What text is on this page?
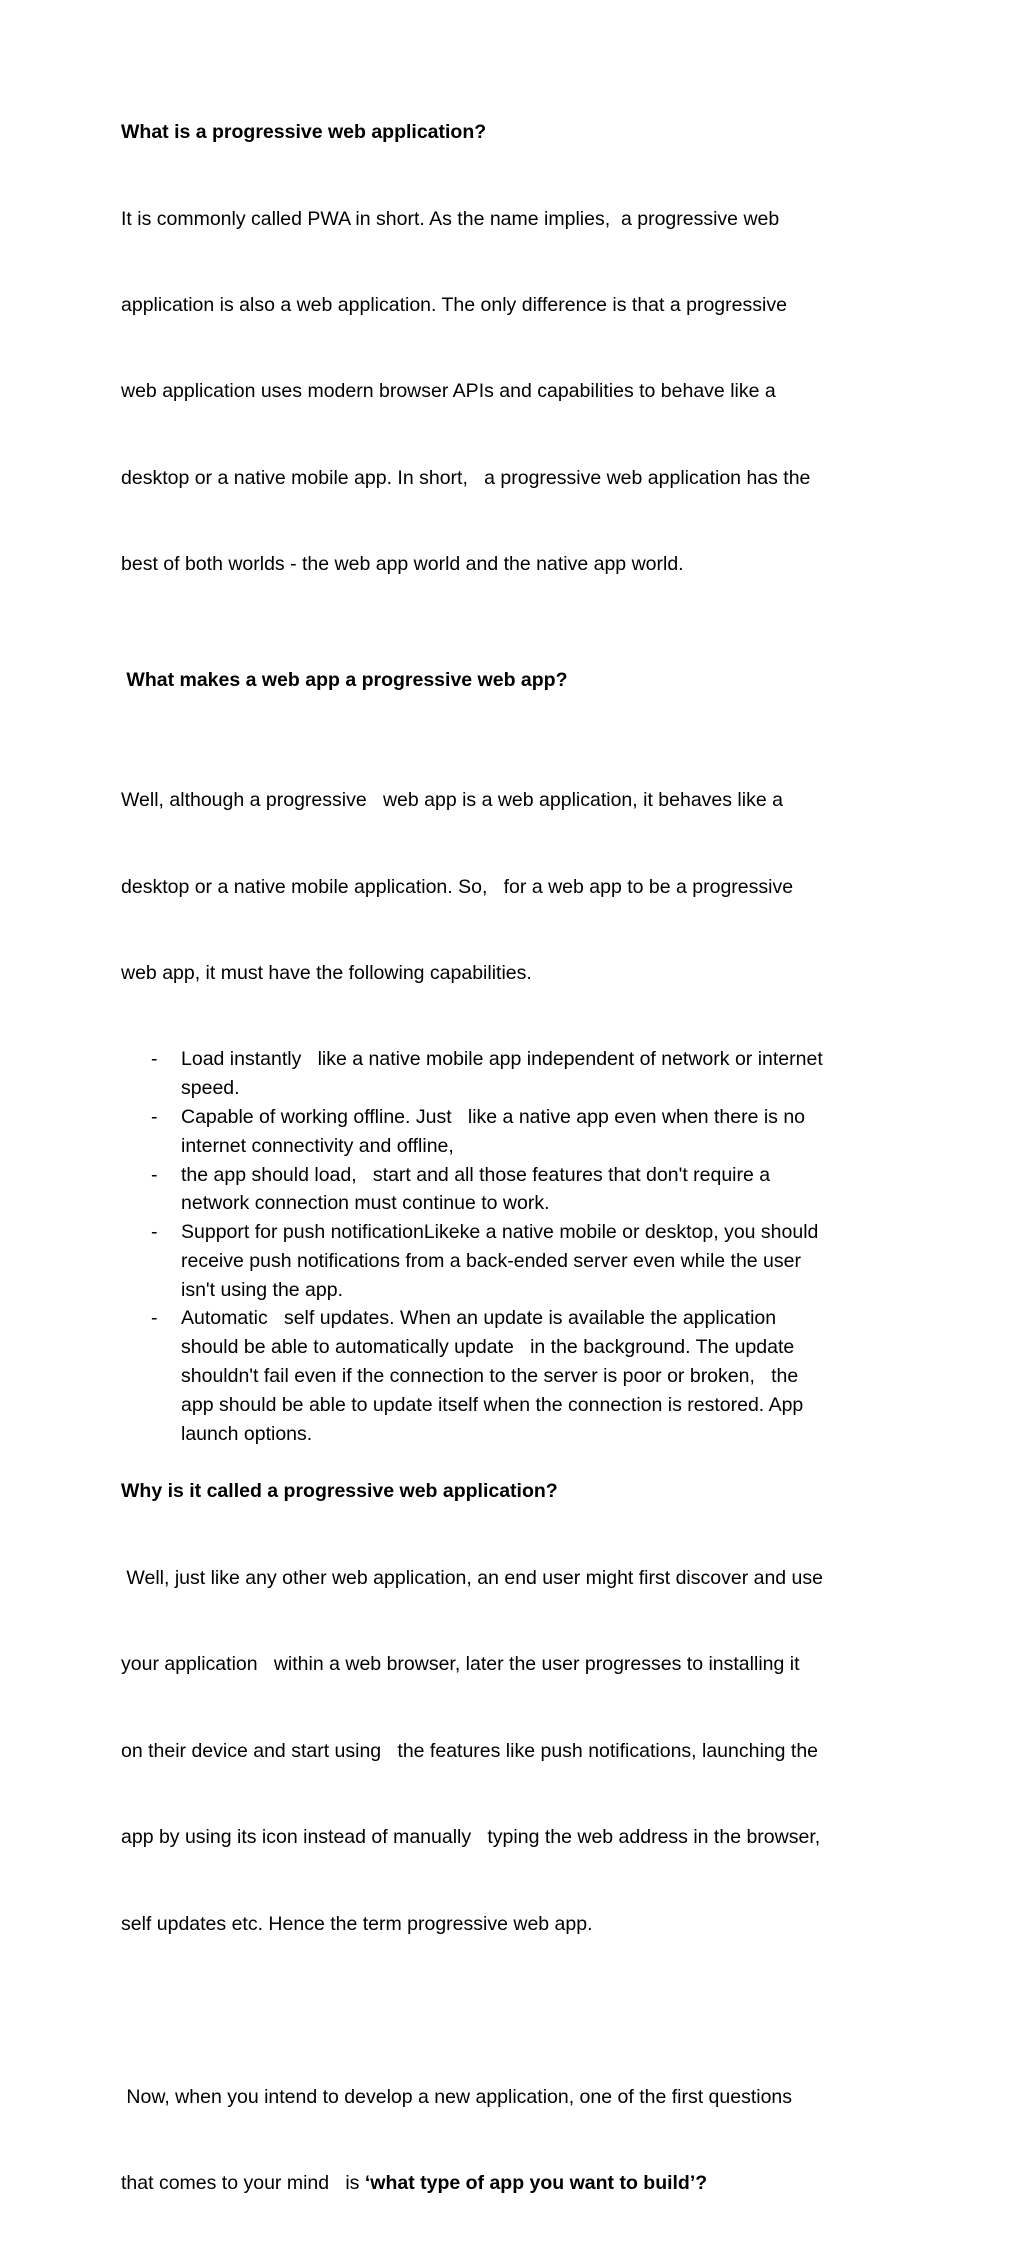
What is a progressive web application?

It is commonly called PWA in short. As the name implies,  a progressive web

application is also a web application. The only difference is that a progressive

web application uses modern browser APIs and capabilities to behave like a

desktop or a native mobile app. In short,   a progressive web application has the

best of both worlds - the web app world and the native app world.

What makes a web app a progressive web app?

Well, although a progressive   web app is a web application, it behaves like a

desktop or a native mobile application. So,   for a web app to be a progressive

web app, it must have the following capabilities.

- Load instantly   like a native mobile app independent of network or internet
speed.
- Capable of working offline. Just   like a native app even when there is no
internet connectivity and offline,
- the app should load,   start and all those features that don't require a
network connection must continue to work.
- Support for push notificationLikeke a native mobile or desktop, you should
receive push notifications from a back-ended server even while the user
isn't using the app.
- Automatic   self updates. When an update is available the application
should be able to automatically update   in the background. The update
shouldn't fail even if the connection to the server is poor or broken,   the
app should be able to update itself when the connection is restored. App
launch options.

Why is it called a progressive web application?

Well, just like any other web application, an end user might first discover and use

your application   within a web browser, later the user progresses to installing it

on their device and start using   the features like push notifications, launching the

app by using its icon instead of manually   typing the web address in the browser,

self updates etc. Hence the term progressive web app.

Now, when you intend to develop a new application, one of the first questions

that comes to your mind   is ‘what type of app you want to build’?
